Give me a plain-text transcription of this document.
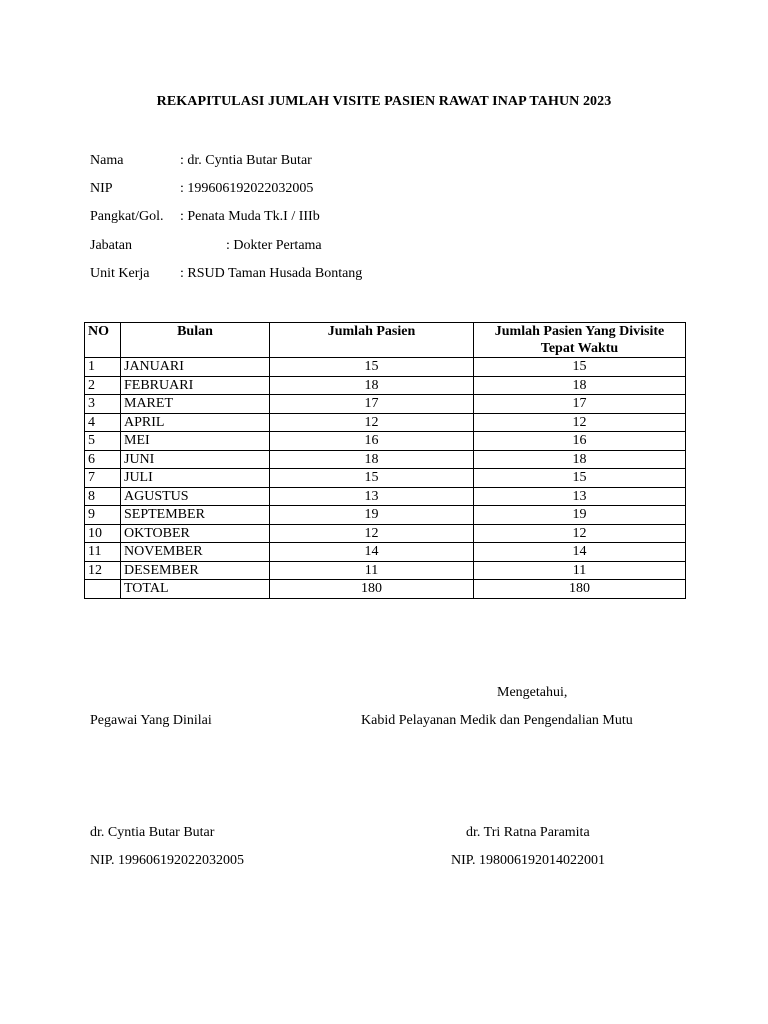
REKAPITULASI JUMLAH VISITE PASIEN RAWAT INAP TAHUN 2023
Nama	: dr. Cyntia Butar Butar
NIP	: 199606192022032005
Pangkat/Gol. : Penata Muda Tk.I / IIIb
Jabatan	: Dokter Pertama
Unit Kerja : RSUD Taman Husada Bontang
NO	Bulan	Jumlah Pasien	Jumlah Pasien Yang Divisite Tepat Waktu
1	JANUARI	15	15
2	FEBRUARI	18	18
3	MARET	17	17
4	APRIL	12	12
5	MEI	16	16
6	JUNI	18	18
7	JULI	15	15
8	AGUSTUS	13	13
9	SEPTEMBER	19	19
10	OKTOBER	12	12
11	NOVEMBER	14	14
12	DESEMBER	11	11
	TOTAL	180	180
Mengetahui,
Pegawai Yang Dinilai	Kabid Pelayanan Medik dan Pengendalian Mutu
dr. Cyntia Butar Butar	dr. Tri Ratna Paramita
NIP. 199606192022032005	NIP. 198006192014022001
